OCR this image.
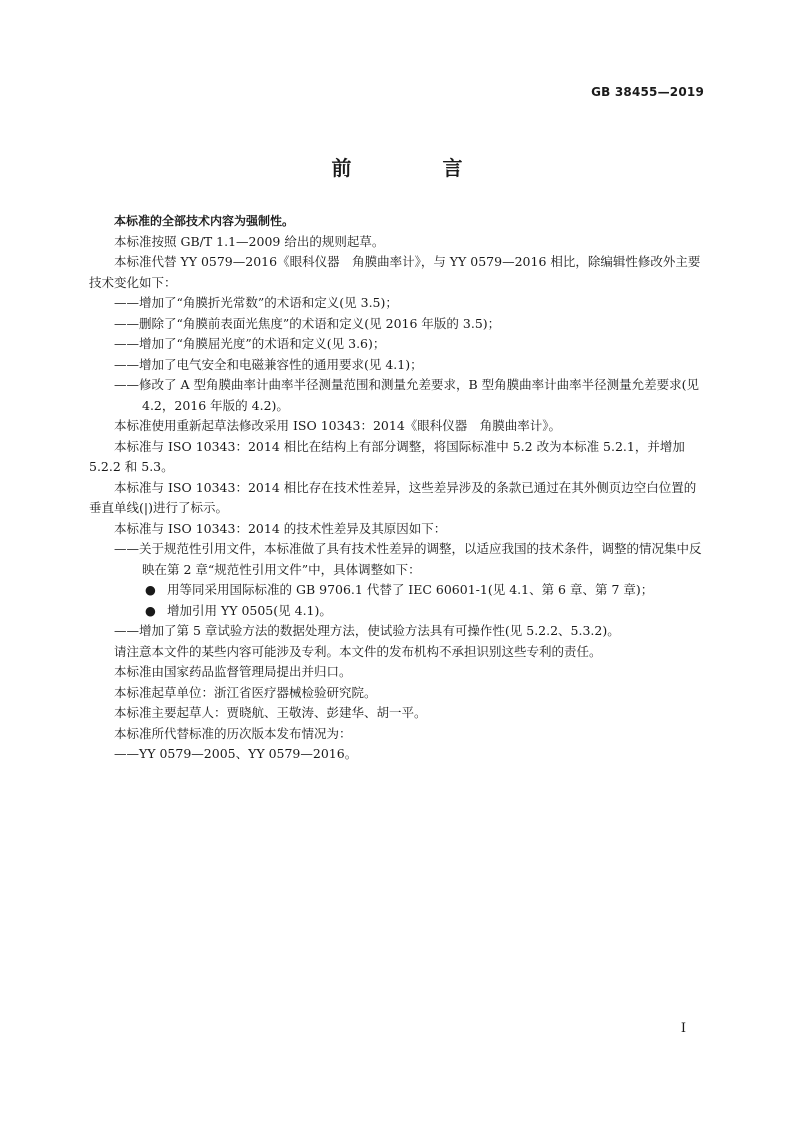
GB 38455—2019
前 言

本标准的全部技术内容为强制性。

本标准按照 GB/T 1.1—2009 给出的规则起草。

本标准代替 YY 0579—2016《眼科仪器　角膜曲率计》，与 YY 0579—2016 相比，除编辑性修改外主要技术变化如下：

——增加了“角膜折光常数”的术语和定义(见 3.5)；

——删除了“角膜前表面光焦度”的术语和定义(见 2016 年版的 3.5)；

——增加了“角膜屈光度”的术语和定义(见 3.6)；

——增加了电气安全和电磁兼容性的通用要求(见 4.1)；

——修改了 A 型角膜曲率计曲率半径测量范围和测量允差要求，B 型角膜曲率计曲率半径测量允差要求(见 4.2，2016 年版的 4.2)。

本标准使用重新起草法修改采用 ISO 10343：2014《眼科仪器　角膜曲率计》。

本标准与 ISO 10343：2014 相比在结构上有部分调整，将国际标准中 5.2 改为本标准 5.2.1，并增加 5.2.2 和 5.3。

本标准与 ISO 10343：2014 相比存在技术性差异，这些差异涉及的条款已通过在其外侧页边空白位置的垂直单线(|)进行了标示。

本标准与 ISO 10343：2014 的技术性差异及其原因如下：

——关于规范性引用文件，本标准做了具有技术性差异的调整，以适应我国的技术条件，调整的情况集中反映在第 2 章“规范性引用文件”中，具体调整如下：

● 用等同采用国际标准的 GB 9706.1 代替了 IEC 60601-1(见 4.1、第 6 章、第 7 章)；

● 增加引用 YY 0505(见 4.1)。

——增加了第 5 章试验方法的数据处理方法，使试验方法具有可操作性(见 5.2.2、5.3.2)。

请注意本文件的某些内容可能涉及专利。本文件的发布机构不承担识别这些专利的责任。

本标准由国家药品监督管理局提出并归口。

本标准起草单位：浙江省医疗器械检验研究院。

本标准主要起草人：贾晓航、王敬涛、彭建华、胡一平。

本标准所代替标准的历次版本发布情况为：

——YY 0579—2005、YY 0579—2016。

I
